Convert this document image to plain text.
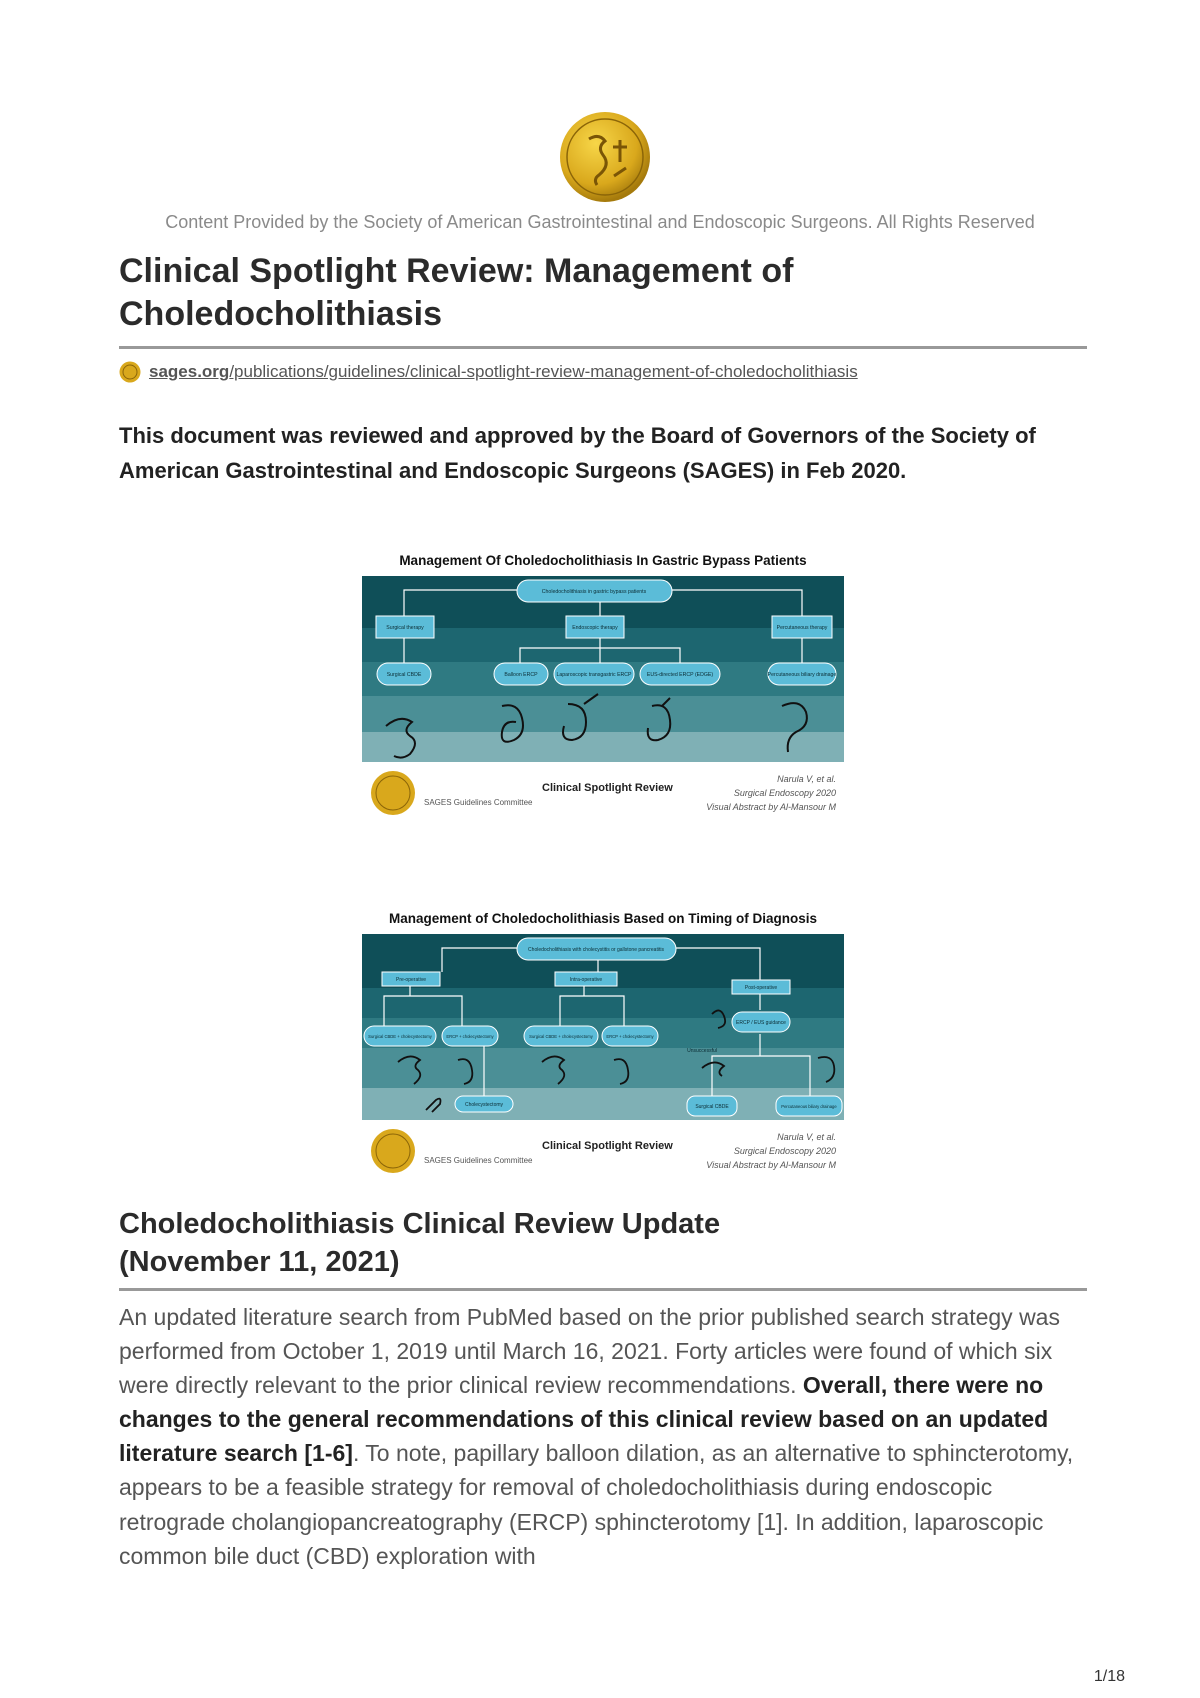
Content Provided by the Society of American Gastrointestinal and Endoscopic Surgeons. All Rights Reserved
Clinical Spotlight Review: Management of Choledocholithiasis
sages.org/publications/guidelines/clinical-spotlight-review-management-of-choledocholithiasis

This document was reviewed and approved by the Board of Governors of the Society of American Gastrointestinal and Endoscopic Surgeons (SAGES) in Feb 2020.

Management Of Choledocholithiasis In Gastric Bypass Patients
Choledocholithiasis in gastric bypass patients
Surgical therapy	Endoscopic therapy	Percutaneous therapy
Surgical CBDE	Balloon ERCP	Laparoscopic transgastric ERCP	EUS-directed ERCP (EDGE)	Percutaneous biliary drainage
SAGES Guidelines Committee
Clinical Spotlight Review
Narula V, et al.
Surgical Endoscopy 2020
Visual Abstract by Al-Mansour M
Management of Choledocholithiasis Based on Timing of Diagnosis
Choledocholithiasis with cholecystitis or gallstone pancreatitis
Pre-operative	Intra-operative
Post-operative
Surgical CBDE + cholecystectomy	ERCP + cholecystectomy	Surgical CBDE + cholecystectomy	ERCP + cholecystectomy
ERCP / EUS guidance
Cholecystectomy	Surgical CBDE	Percutaneous biliary drainage
Unsuccessful
SAGES Guidelines Committee
Clinical Spotlight Review
Narula V, et al.
Surgical Endoscopy 2020
Visual Abstract by Al-Mansour M
Choledocholithiasis Clinical Review Update
(November 11, 2021)

An updated literature search from PubMed based on the prior published search strategy was performed from October 1, 2019 until March 16, 2021. Forty articles were found of which six were directly relevant to the prior clinical review recommendations. Overall, there were no changes to the general recommendations of this clinical review based on an updated literature search [1-6]. To note, papillary balloon dilation, as an alternative to sphincterotomy, appears to be a feasible strategy for removal of choledocholithiasis during endoscopic retrograde cholangiopancreatography (ERCP) sphincterotomy [1]. In addition, laparoscopic common bile duct (CBD) exploration with

1/18
